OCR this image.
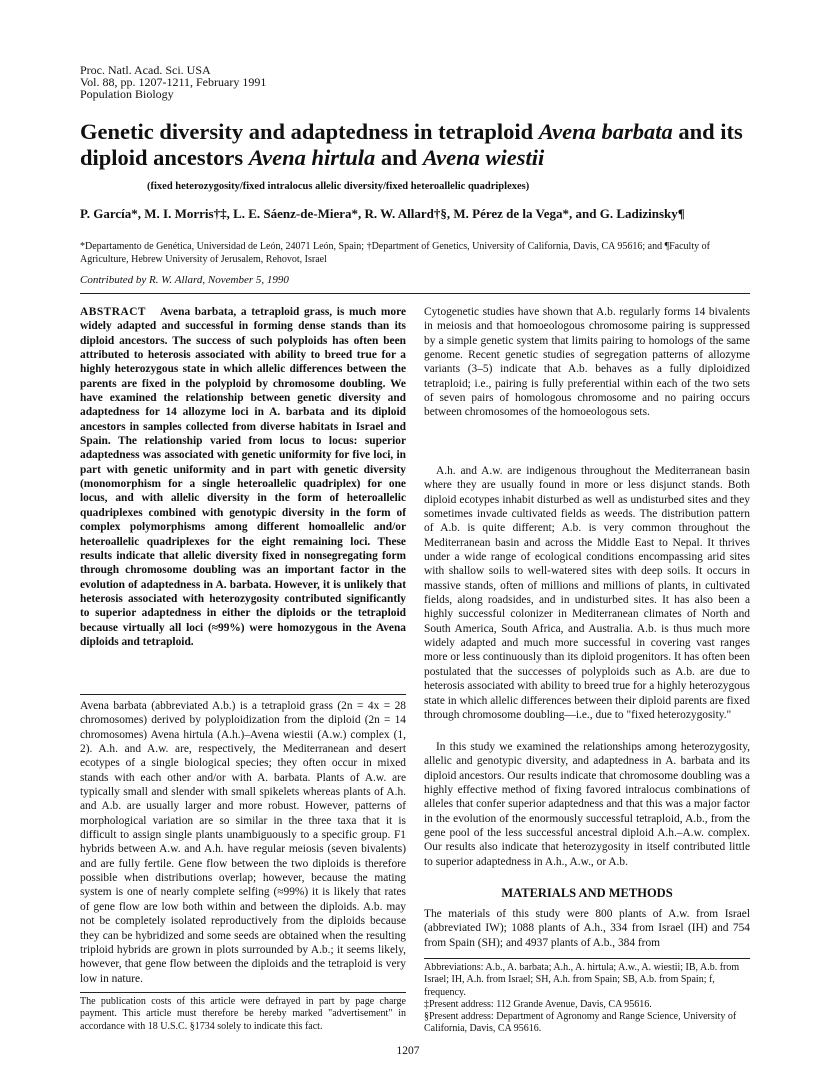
Proc. Natl. Acad. Sci. USA
Vol. 88, pp. 1207-1211, February 1991
Population Biology
Genetic diversity and adaptedness in tetraploid Avena barbata and its diploid ancestors Avena hirtula and Avena wiestii
(fixed heterozygosity/fixed intralocus allelic diversity/fixed heteroallelic quadriplexes)
P. García*, M. I. Morris†‡, L. E. Sáenz-de-Miera*, R. W. Allard†§, M. Pérez de la Vega*, and G. Ladizinsky¶
*Departamento de Genética, Universidad de León, 24071 León, Spain; †Department of Genetics, University of California, Davis, CA 95616; and ¶Faculty of Agriculture, Hebrew University of Jerusalem, Rehovot, Israel
Contributed by R. W. Allard, November 5, 1990
ABSTRACT Avena barbata, a tetraploid grass, is much more widely adapted and successful in forming dense stands than its diploid ancestors. The success of such polyploids has often been attributed to heterosis associated with ability to breed true for a highly heterozygous state in which allelic differences between the parents are fixed in the polyploid by chromosome doubling. We have examined the relationship between genetic diversity and adaptedness for 14 allozyme loci in A. barbata and its diploid ancestors in samples collected from diverse habitats in Israel and Spain. The relationship varied from locus to locus: superior adaptedness was associated with genetic uniformity for five loci, in part with genetic uniformity and in part with genetic diversity (monomorphism for a single heteroallelic quadriplex) for one locus, and with allelic diversity in the form of heteroallelic quadriplexes combined with genotypic diversity in the form of complex polymorphisms among different homoallelic and/or heteroallelic quadriplexes for the eight remaining loci. These results indicate that allelic diversity fixed in nonsegregating form through chromosome doubling was an important factor in the evolution of adaptedness in A. barbata. However, it is unlikely that heterosis associated with heterozygosity contributed significantly to superior adaptedness in either the diploids or the tetraploid because virtually all loci (≈99%) were homozygous in the Avena diploids and tetraploid.
Avena barbata (abbreviated A.b.) is a tetraploid grass (2n = 4x = 28 chromosomes) derived by polyploidization from the diploid (2n = 14 chromosomes) Avena hirtula (A.h.)–Avena wiestii (A.w.) complex (1, 2). A.h. and A.w. are, respectively, the Mediterranean and desert ecotypes of a single biological species; they often occur in mixed stands with each other and/or with A. barbata. Plants of A.w. are typically small and slender with small spikelets whereas plants of A.h. and A.b. are usually larger and more robust. However, patterns of morphological variation are so similar in the three taxa that it is difficult to assign single plants unambiguously to a specific group. F1 hybrids between A.w. and A.h. have regular meiosis (seven bivalents) and are fully fertile. Gene flow between the two diploids is therefore possible when distributions overlap; however, because the mating system is one of nearly complete selfing (≈99%) it is likely that rates of gene flow are low both within and between the diploids. A.b. may not be completely isolated reproductively from the diploids because they can be hybridized and some seeds are obtained when the resulting triploid hybrids are grown in plots surrounded by A.b.; it seems likely, however, that gene flow between the diploids and the tetraploid is very low in nature.
Cytogenetic studies have shown that A.b. regularly forms 14 bivalents in meiosis and that homoeologous chromosome pairing is suppressed by a simple genetic system that limits pairing to homologs of the same genome. Recent genetic studies of segregation patterns of allozyme variants (3–5) indicate that A.b. behaves as a fully diploidized tetraploid; i.e., pairing is fully preferential within each of the two sets of seven pairs of homologous chromosome and no pairing occurs between chromosomes of the homoeologous sets.
A.h. and A.w. are indigenous throughout the Mediterranean basin where they are usually found in more or less disjunct stands. Both diploid ecotypes inhabit disturbed as well as undisturbed sites and they sometimes invade cultivated fields as weeds. The distribution pattern of A.b. is quite different; A.b. is very common throughout the Mediterranean basin and across the Middle East to Nepal. It thrives under a wide range of ecological conditions encompassing arid sites with shallow soils to well-watered sites with deep soils. It occurs in massive stands, often of millions and millions of plants, in cultivated fields, along roadsides, and in undisturbed sites. It has also been a highly successful colonizer in Mediterranean climates of North and South America, South Africa, and Australia. A.b. is thus much more widely adapted and much more successful in covering vast ranges more or less continuously than its diploid progenitors. It has often been postulated that the successes of polyploids such as A.b. are due to heterosis associated with ability to breed true for a highly heterozygous state in which allelic differences between their diploid parents are fixed through chromosome doubling—i.e., due to "fixed heterozygosity."
In this study we examined the relationships among heterozygosity, allelic and genotypic diversity, and adaptedness in A. barbata and its diploid ancestors. Our results indicate that chromosome doubling was a highly effective method of fixing favored intralocus combinations of alleles that confer superior adaptedness and that this was a major factor in the evolution of the enormously successful tetraploid, A.b., from the gene pool of the less successful ancestral diploid A.h.–A.w. complex. Our results also indicate that heterozygosity in itself contributed little to superior adaptedness in A.h., A.w., or A.b.
MATERIALS AND METHODS
The materials of this study were 800 plants of A.w. from Israel (abbreviated IW); 1088 plants of A.h., 334 from Israel (IH) and 754 from Spain (SH); and 4937 plants of A.b., 384 from
The publication costs of this article were defrayed in part by page charge payment. This article must therefore be hereby marked "advertisement" in accordance with 18 U.S.C. §1734 solely to indicate this fact.
Abbreviations: A.b., A. barbata; A.h., A. hirtula; A.w., A. wiestii; IB, A.b. from Israel; IH, A.h. from Israel; SH, A.h. from Spain; SB, A.b. from Spain; f, frequency.
‡Present address: 112 Grande Avenue, Davis, CA 95616.
§Present address: Department of Agronomy and Range Science, University of California, Davis, CA 95616.
1207
